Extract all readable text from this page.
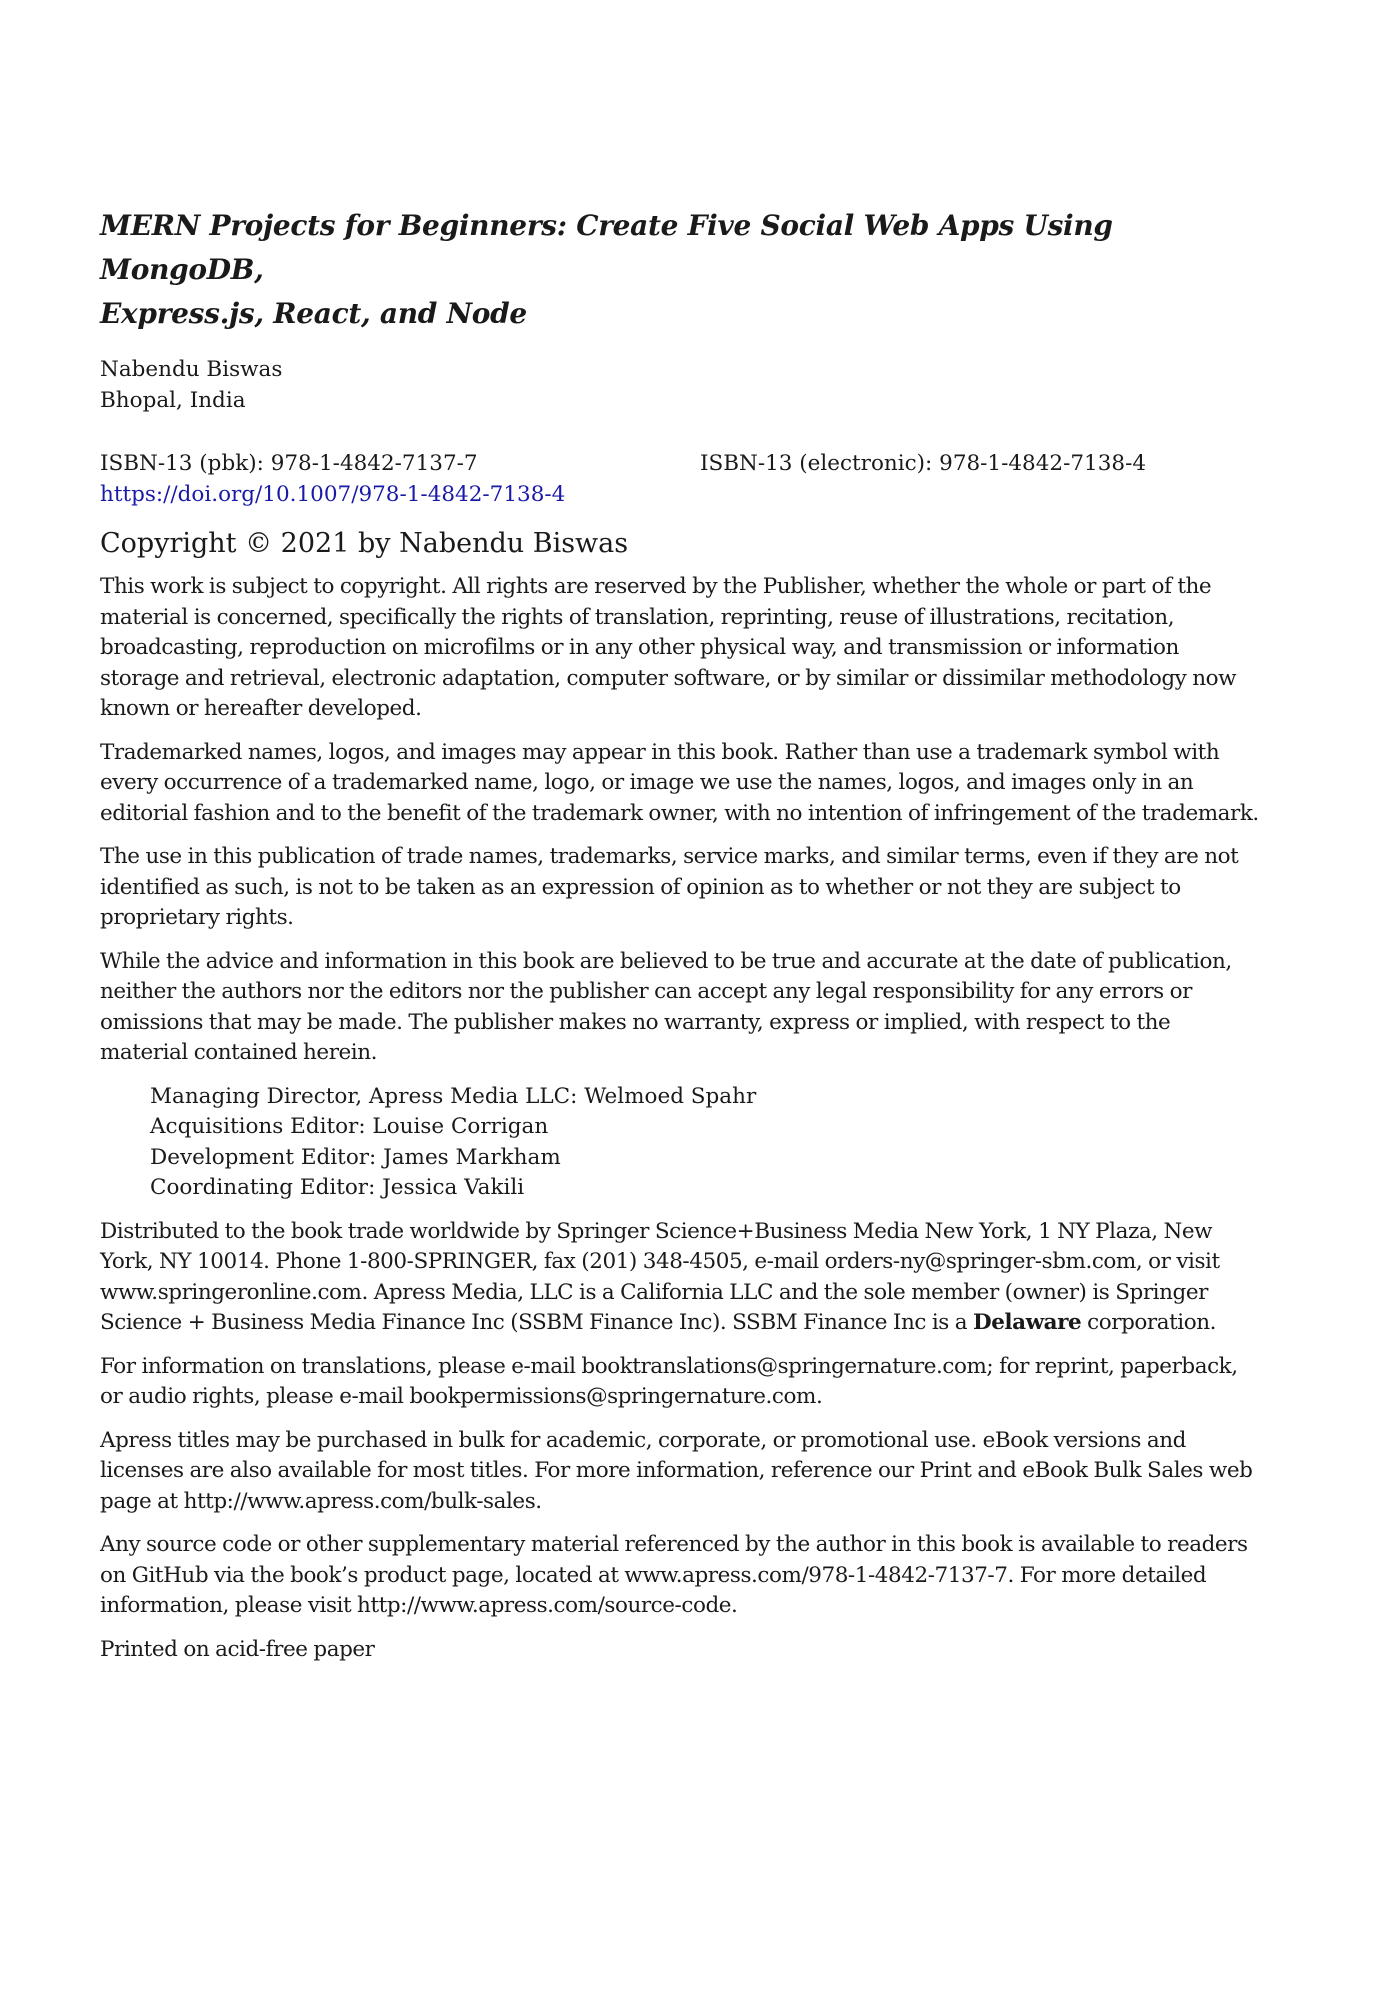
MERN Projects for Beginners: Create Five Social Web Apps Using MongoDB,
Express.js, React, and Node
Nabendu Biswas
Bhopal, India
ISBN-13 (pbk): 978-1-4842-7137-7	ISBN-13 (electronic): 978-1-4842-7138-4
https://doi.org/10.1007/978-1-4842-7138-4
Copyright © 2021 by Nabendu Biswas

This work is subject to copyright. All rights are reserved by the Publisher, whether the whole or part of the material is concerned, specifically the rights of translation, reprinting, reuse of illustrations, recitation, broadcasting, reproduction on microfilms or in any other physical way, and transmission or information storage and retrieval, electronic adaptation, computer software, or by similar or dissimilar methodology now known or hereafter developed.

Trademarked names, logos, and images may appear in this book. Rather than use a trademark symbol with every occurrence of a trademarked name, logo, or image we use the names, logos, and images only in an editorial fashion and to the benefit of the trademark owner, with no intention of infringement of the trademark.

The use in this publication of trade names, trademarks, service marks, and similar terms, even if they are not identified as such, is not to be taken as an expression of opinion as to whether or not they are subject to proprietary rights.

While the advice and information in this book are believed to be true and accurate at the date of publication, neither the authors nor the editors nor the publisher can accept any legal responsibility for any errors or omissions that may be made. The publisher makes no warranty, express or implied, with respect to the material contained herein.

Managing Director, Apress Media LLC: Welmoed Spahr
Acquisitions Editor: Louise Corrigan
Development Editor: James Markham
Coordinating Editor: Jessica Vakili

Distributed to the book trade worldwide by Springer Science+Business Media New York, 1 NY Plaza, New York, NY 10014. Phone 1-800-SPRINGER, fax (201) 348-4505, e-mail orders-ny@springer-sbm.com, or visit www.springeronline.com. Apress Media, LLC is a California LLC and the sole member (owner) is Springer Science + Business Media Finance Inc (SSBM Finance Inc). SSBM Finance Inc is a Delaware corporation.

For information on translations, please e-mail booktranslations@springernature.com; for reprint, paperback, or audio rights, please e-mail bookpermissions@springernature.com.

Apress titles may be purchased in bulk for academic, corporate, or promotional use. eBook versions and licenses are also available for most titles. For more information, reference our Print and eBook Bulk Sales web page at http://www.apress.com/bulk-sales.

Any source code or other supplementary material referenced by the author in this book is available to readers on GitHub via the book’s product page, located at www.apress.com/978-1-4842-7137-7. For more detailed information, please visit http://www.apress.com/source-code.

Printed on acid-free paper
